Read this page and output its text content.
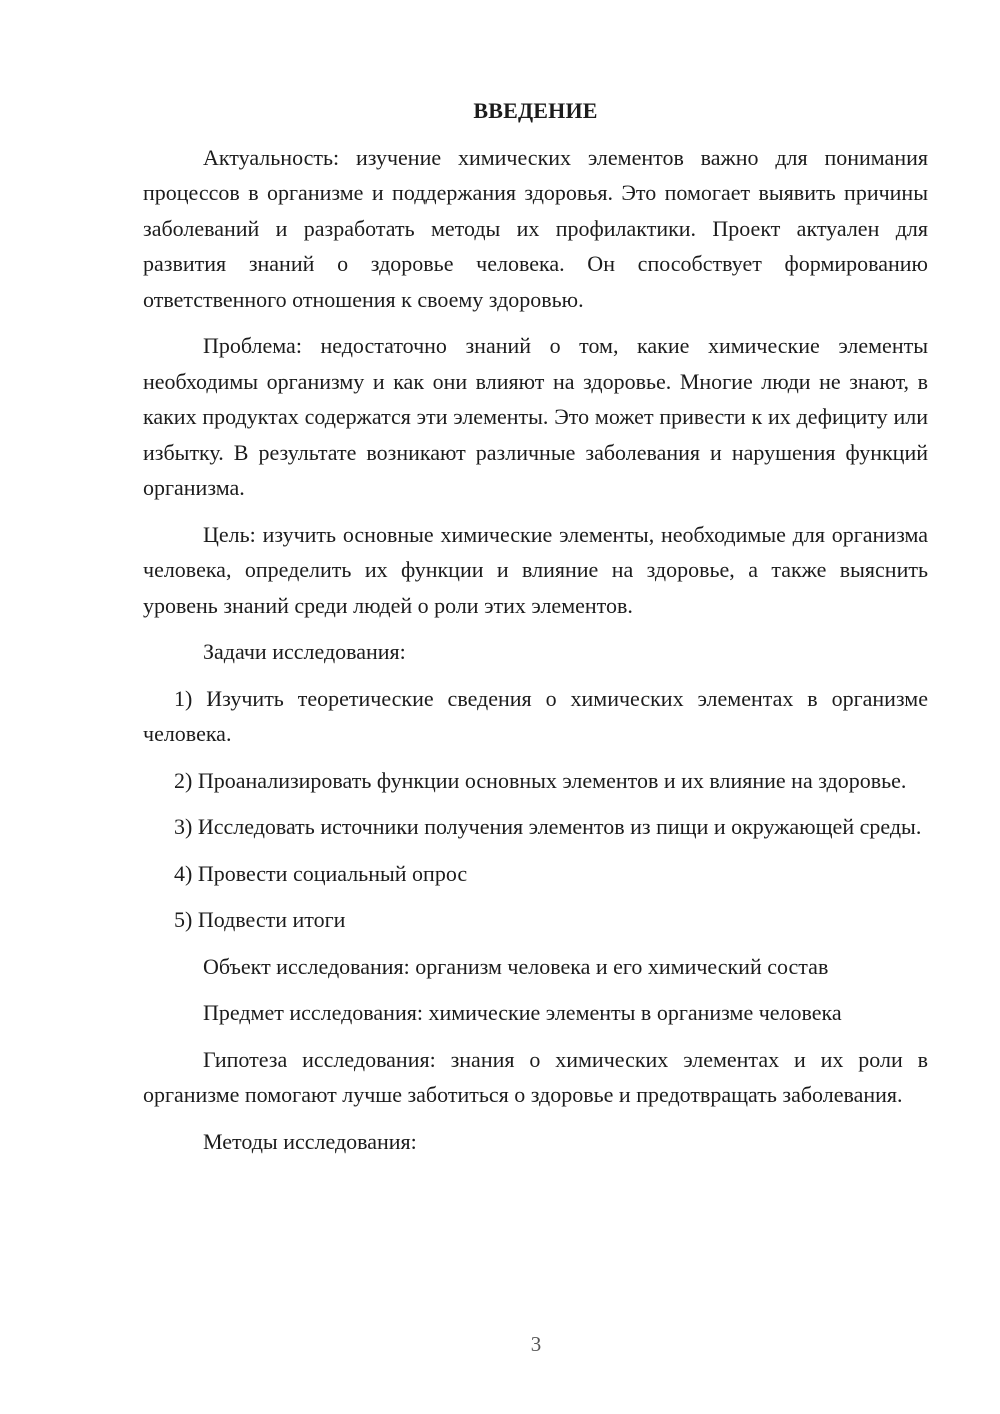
ВВЕДЕНИЕ

Актуальность: изучение химических элементов важно для понимания процессов в организме и поддержания здоровья. Это помогает выявить причины заболеваний и разработать методы их профилактики. Проект актуален для развития знаний о здоровье человека. Он способствует формированию ответственного отношения к своему здоровью.

Проблема: недостаточно знаний о том, какие химические элементы необходимы организму и как они влияют на здоровье. Многие люди не знают, в каких продуктах содержатся эти элементы. Это может привести к их дефициту или избытку. В результате возникают различные заболевания и нарушения функций организма.

Цель: изучить основные химические элементы, необходимые для организма человека, определить их функции и влияние на здоровье, а также выяснить уровень знаний среди людей о роли этих элементов.

Задачи исследования:

1) Изучить теоретические сведения о химических элементах в организме человека.

2) Проанализировать функции основных элементов и их влияние на здоровье.

3) Исследовать источники получения элементов из пищи и окружающей среды.

4) Провести социальный опрос

5) Подвести итоги

Объект исследования: организм человека и его химический состав

Предмет исследования: химические элементы в организме человека

Гипотеза исследования: знания о химических элементах и их роли в организме помогают лучше заботиться о здоровье и предотвращать заболевания.

Методы исследования:

3
